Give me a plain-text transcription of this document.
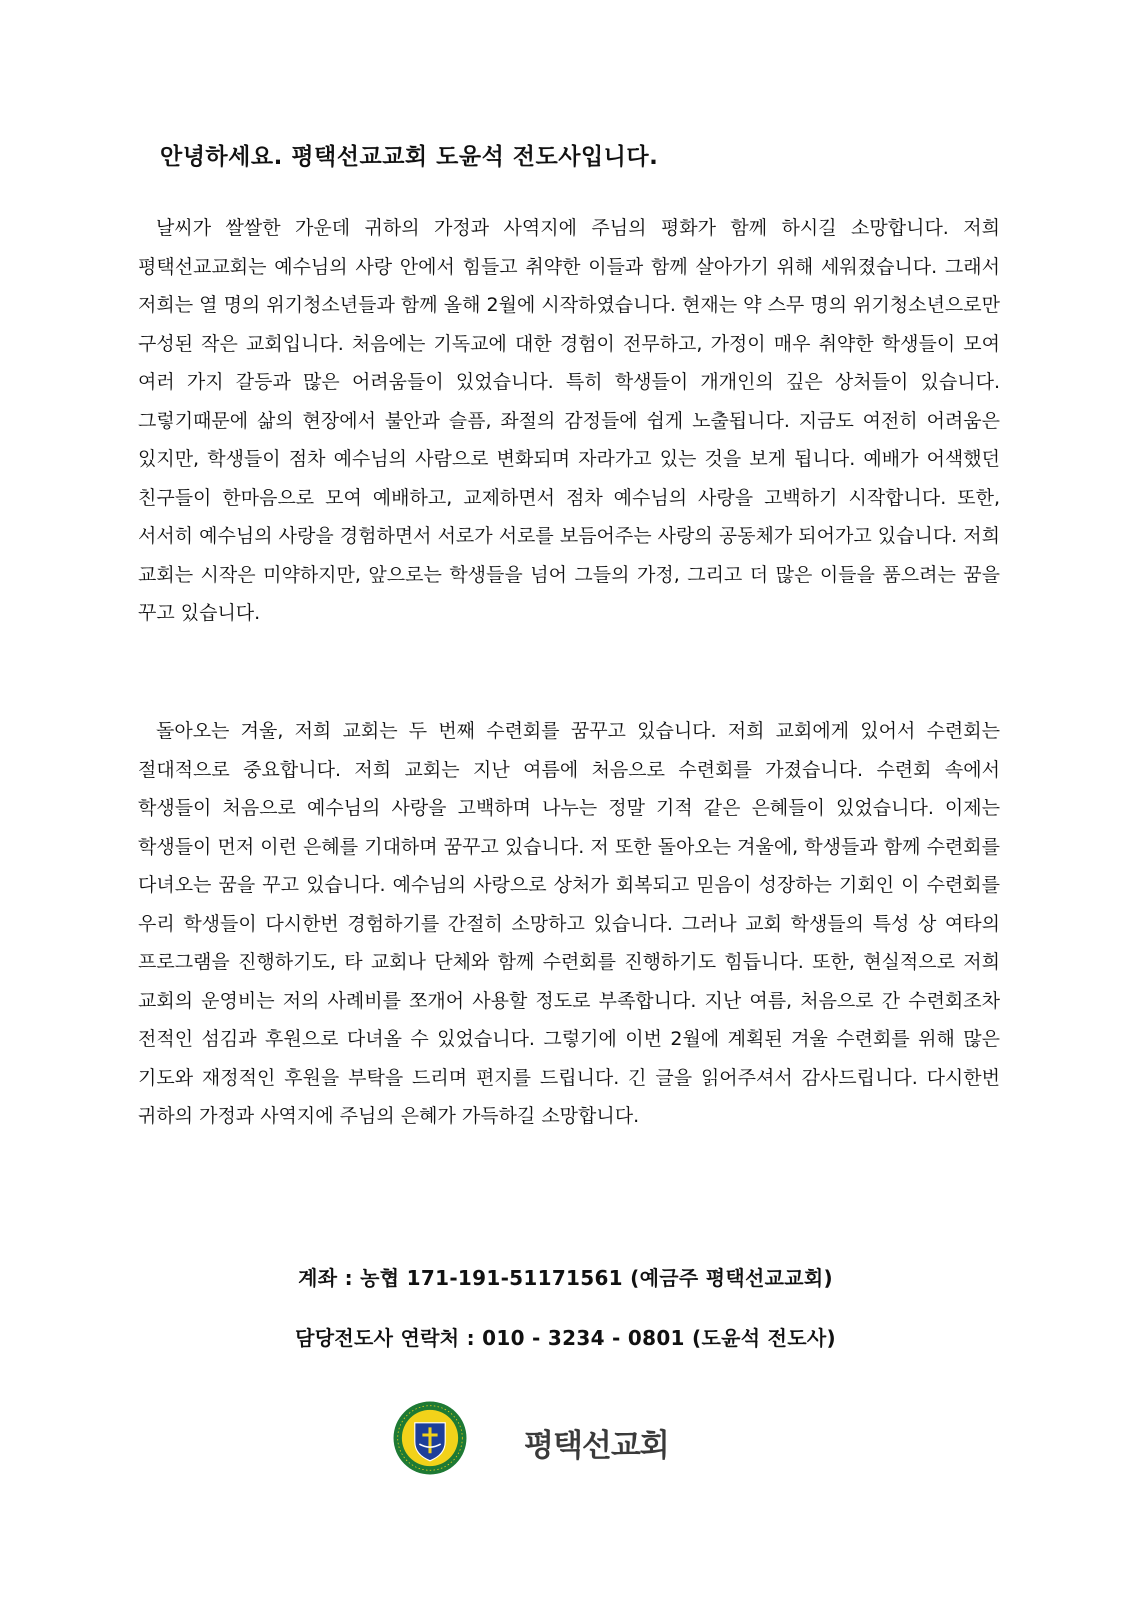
안녕하세요. 평택선교교회 도윤석 전도사입니다.

날씨가 쌀쌀한 가운데 귀하의 가정과 사역지에 주님의 평화가 함께 하시길 소망합니다. 저희 평택선교교회는 예수님의 사랑 안에서 힘들고 취약한 이들과 함께 살아가기 위해 세워졌습니다. 그래서 저희는 열 명의 위기청소년들과 함께 올해 2월에 시작하였습니다. 현재는 약 스무 명의 위기청소년으로만 구성된 작은 교회입니다. 처음에는 기독교에 대한 경험이 전무하고, 가정이 매우 취약한 학생들이 모여 여러 가지 갈등과 많은 어려움들이 있었습니다. 특히 학생들이 개개인의 깊은 상처들이 있습니다. 그렇기때문에 삶의 현장에서 불안과 슬픔, 좌절의 감정들에 쉽게 노출됩니다. 지금도 여전히 어려움은 있지만, 학생들이 점차 예수님의 사람으로 변화되며 자라가고 있는 것을 보게 됩니다. 예배가 어색했던 친구들이 한마음으로 모여 예배하고, 교제하면서 점차 예수님의 사랑을 고백하기 시작합니다. 또한, 서서히 예수님의 사랑을 경험하면서 서로가 서로를 보듬어주는 사랑의 공동체가 되어가고 있습니다. 저희 교회는 시작은 미약하지만, 앞으로는 학생들을 넘어 그들의 가정, 그리고 더 많은 이들을 품으려는 꿈을 꾸고 있습니다.

돌아오는 겨울, 저희 교회는 두 번째 수련회를 꿈꾸고 있습니다. 저희 교회에게 있어서 수련회는 절대적으로 중요합니다. 저희 교회는 지난 여름에 처음으로 수련회를 가졌습니다. 수련회 속에서 학생들이 처음으로 예수님의 사랑을 고백하며 나누는 정말 기적 같은 은혜들이 있었습니다. 이제는 학생들이 먼저 이런 은혜를 기대하며 꿈꾸고 있습니다. 저 또한 돌아오는 겨울에, 학생들과 함께 수련회를 다녀오는 꿈을 꾸고 있습니다. 예수님의 사랑으로 상처가 회복되고 믿음이 성장하는 기회인 이 수련회를 우리 학생들이 다시한번 경험하기를 간절히 소망하고 있습니다. 그러나 교회 학생들의 특성 상 여타의 프로그램을 진행하기도, 타 교회나 단체와 함께 수련회를 진행하기도 힘듭니다. 또한, 현실적으로 저희 교회의 운영비는 저의 사례비를 쪼개어 사용할 정도로 부족합니다. 지난 여름, 처음으로 간 수련회조차 전적인 섬김과 후원으로 다녀올 수 있었습니다. 그렇기에 이번 2월에 계획된 겨울 수련회를 위해 많은 기도와 재정적인 후원을 부탁을 드리며 편지를 드립니다. 긴 글을 읽어주셔서 감사드립니다. 다시한번 귀하의 가정과 사역지에 주님의 은혜가 가득하길 소망합니다.

계좌 : 농협 171-191-51171561 (예금주 평택선교교회)
담당전도사 연락처 : 010 - 3234 - 0801 (도윤석 전도사)
평택선교회
